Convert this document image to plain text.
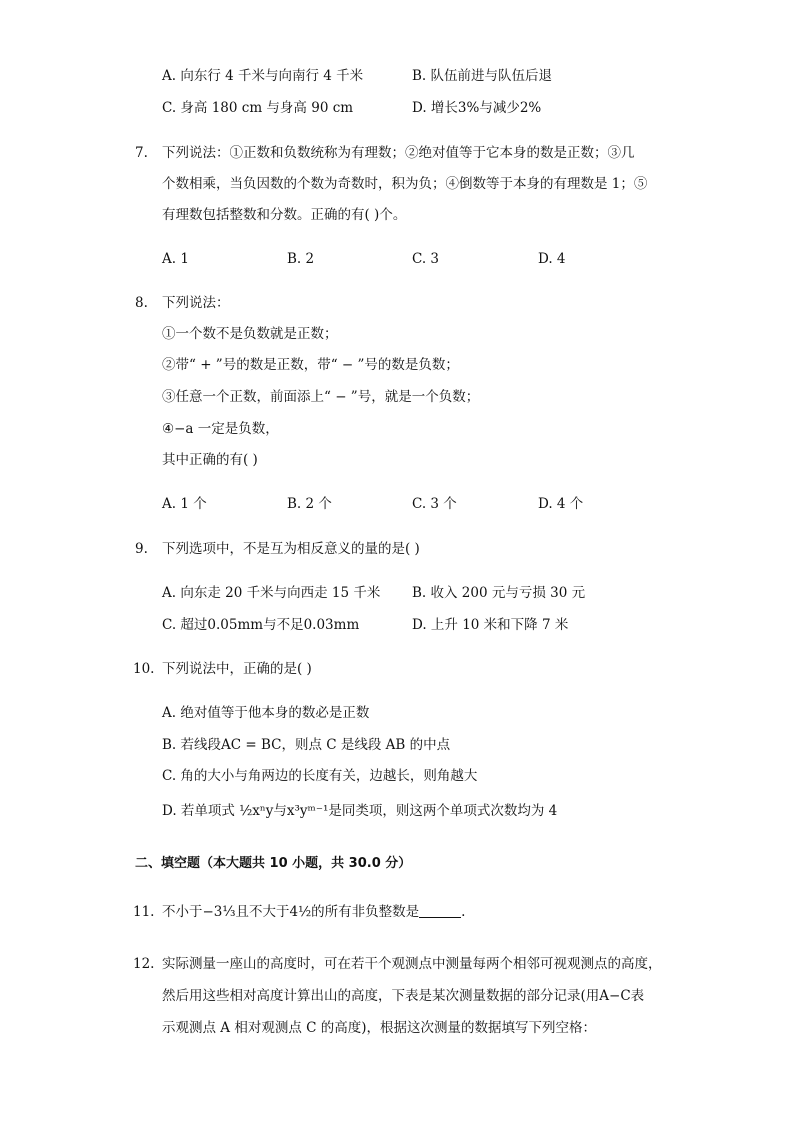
A. 向东行 4 千米与向南行 4 千米	B. 队伍前进与队伍后退
C. 身高 180 cm 与身高 90 cm	D. 增长3%与减少2%
7. 下列说法：①正数和负数统称为有理数；②绝对值等于它本身的数是正数；③几
个数相乘，当负因数的个数为奇数时，积为负；④倒数等于本身的有理数是 1；⑤
有理数包括整数和分数。正确的有( )个。
A. 1	B. 2	C. 3	D. 4
8. 下列说法：
①一个数不是负数就是正数；
②带“ + ”号的数是正数，带“ − ”号的数是负数；
③任意一个正数，前面添上“ − ”号，就是一个负数；
④−a 一定是负数，
其中正确的有( )
A. 1 个	B. 2 个	C. 3 个	D. 4 个
9. 下列选项中，不是互为相反意义的量的是( )
A. 向东走 20 千米与向西走 15 千米 B. 收入 200 元与亏损 30 元
C. 超过0.05mm与不足0.03mm	D. 上升 10 米和下降 7 米
10. 下列说法中，正确的是( )
A. 绝对值等于他本身的数必是正数
B. 若线段AC = BC，则点 C 是线段 AB 的中点
C. 角的大小与角两边的长度有关，边越长，则角越大
D. 若单项式 ½xⁿy与x³yᵐ⁻¹是同类项，则这两个单项式次数均为 4
二、填空题（本大题共 10 小题，共 30.0 分）
11. 不小于−3⅓且不大于4½的所有非负整数是	.
12. 实际测量一座山的高度时，可在若干个观测点中测量每两个相邻可视观测点的高度，
然后用这些相对高度计算出山的高度，下表是某次测量数据的部分记录(用A−C表
示观测点 A 相对观测点 C 的高度)，根据这次测量的数据填写下列空格：
